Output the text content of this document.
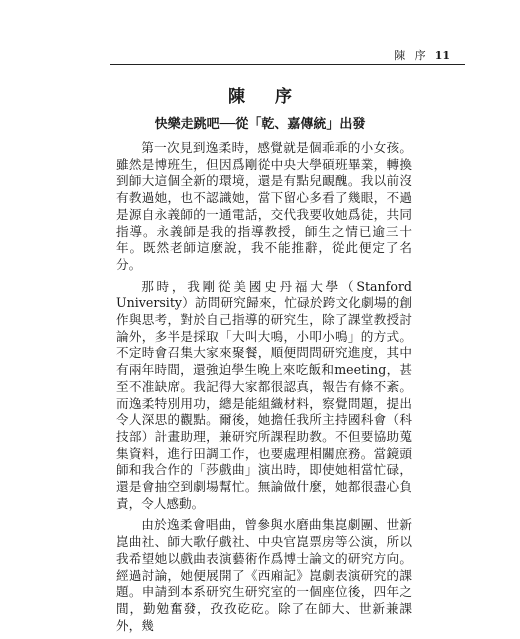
陳 序 11
陳 序
快樂走跳吧──從「乾、嘉傳統」出發

第一次見到逸柔時，感覺就是個乖乖的小女孩。雖然是博班生，但因爲剛從中央大學碩班畢業，轉換到師大這個全新的環境，還是有點兒靦醜。我以前沒有教過她，也不認識她，當下留心多看了幾眼，不過是源自永義師的一通電話，交代我要收她爲徒，共同指導。永義師是我的指導教授，師生之情已逾三十年。既然老師這麼說，我不能推辭，從此便定了名分。

那時，我剛從美國史丹福大學（Stanford University）訪問研究歸來，忙碌於跨文化劇場的創作與思考，對於自己指導的研究生，除了課堂教授討論外，多半是採取「大叫大鳴，小叩小鳴」的方式。不定時會召集大家來聚餐，順便問問研究進度，其中有兩年時間，還強迫學生晚上來吃飯和meeting，甚至不准缺席。我記得大家都很認真，報告有條不紊。而逸柔特別用功，總是能組織材料，察覺問題，提出令人深思的觀點。爾後，她擔任我所主持國科會（科技部）計畫助理，兼研究所課程助教。不但要協助蒐集資料，進行田調工作，也要處理相關庶務。當鏡頭師和我合作的「莎戲曲」演出時，即使她相當忙碌，還是會抽空到劇場幫忙。無論做什麼，她都很盡心負責，令人感動。

由於逸柔會唱曲，曾參與水磨曲集崑劇團、世新崑曲社、師大歌仔戲社、中央官崑票房等公演，所以我希望她以戲曲表演藝術作爲博士論文的研究方向。經過討論，她便展開了《西廂記》崑劇表演研究的課題。申請到本系研究生研究室的一個座位後，四年之間，勤勉奮發，孜孜矻矻。除了在師大、世新兼課外，幾
